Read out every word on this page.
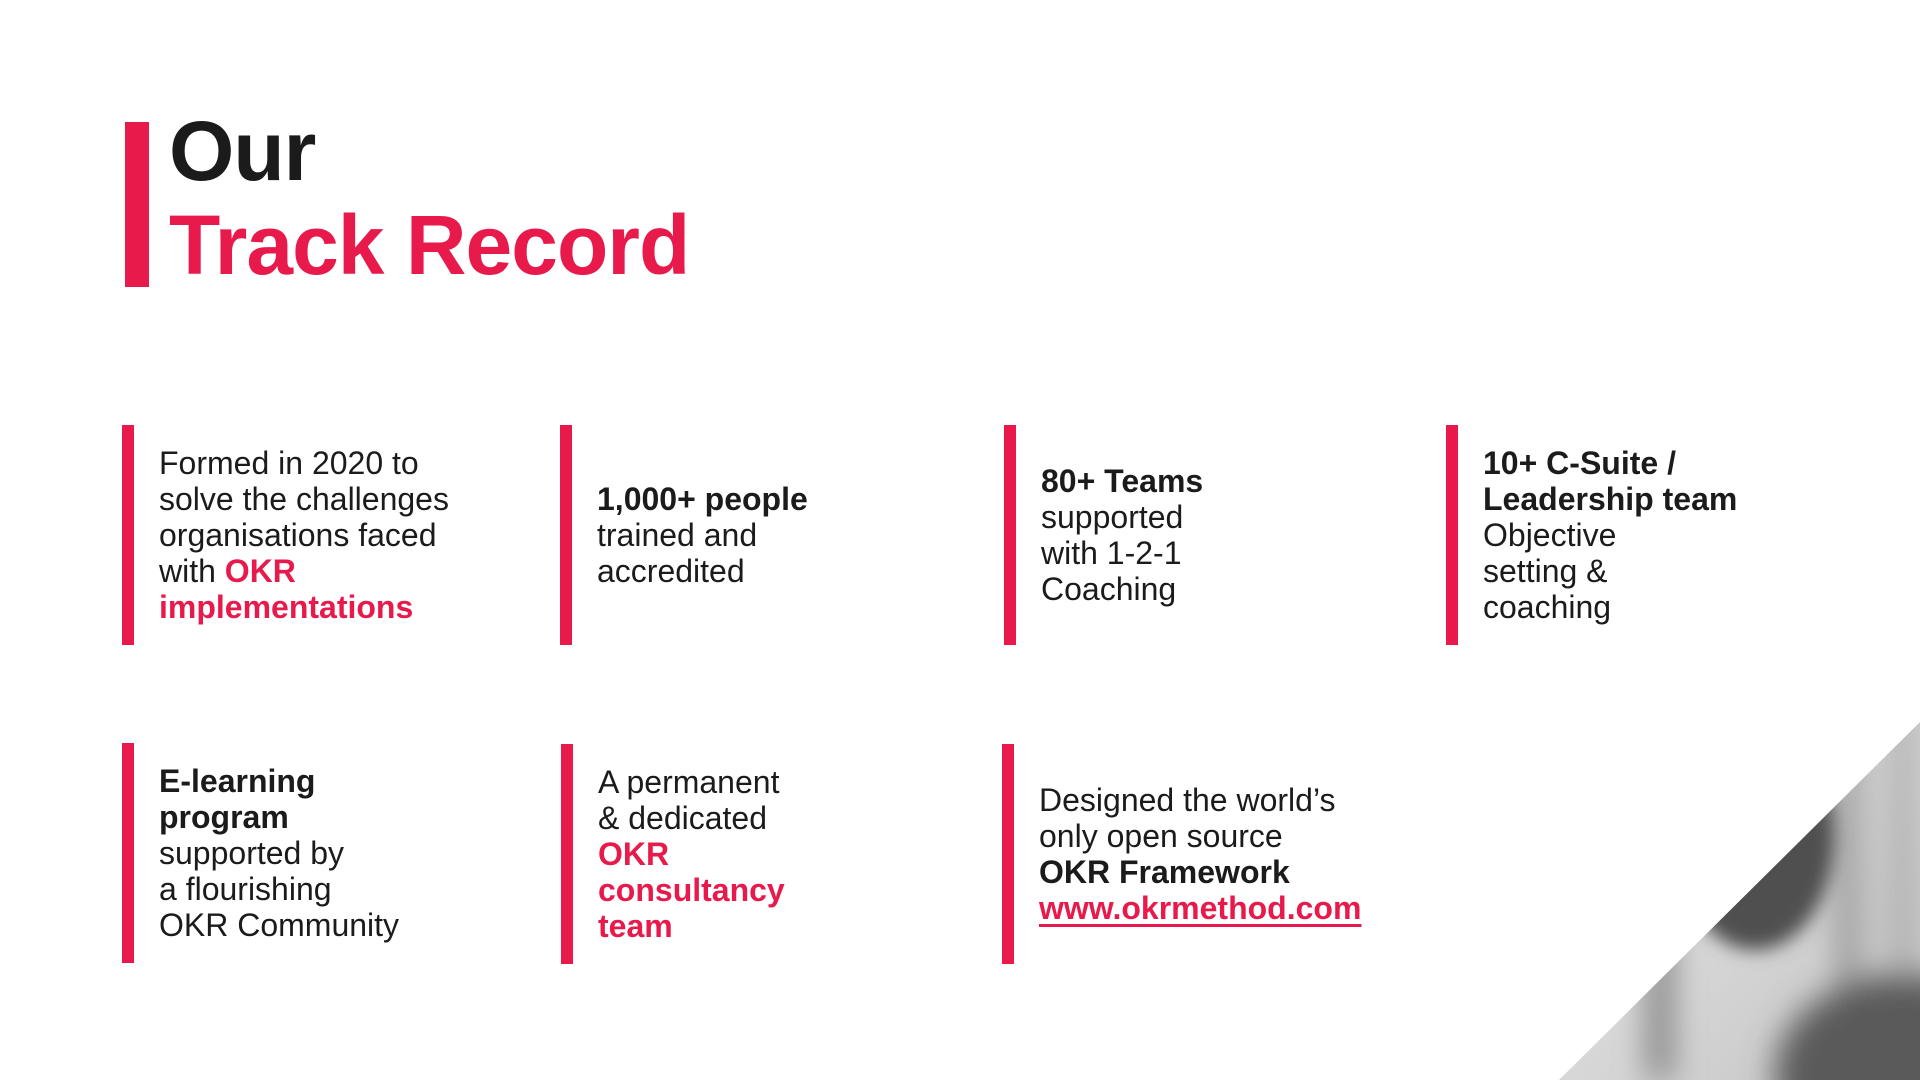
Our
Track Record
Formed in 2020 to
solve the challenges
organisations faced
with OKR
implementations
1,000+ people
trained and
accredited
80+ Teams
supported
with 1-2-1
Coaching
10+ C-Suite /
Leadership team
Objective
setting &
coaching
E-learning
program
supported by
a flourishing
OKR Community
A permanent
& dedicated
OKR
consultancy
team
Designed the world’s
only open source
OKR Framework
www.okrmethod.com
